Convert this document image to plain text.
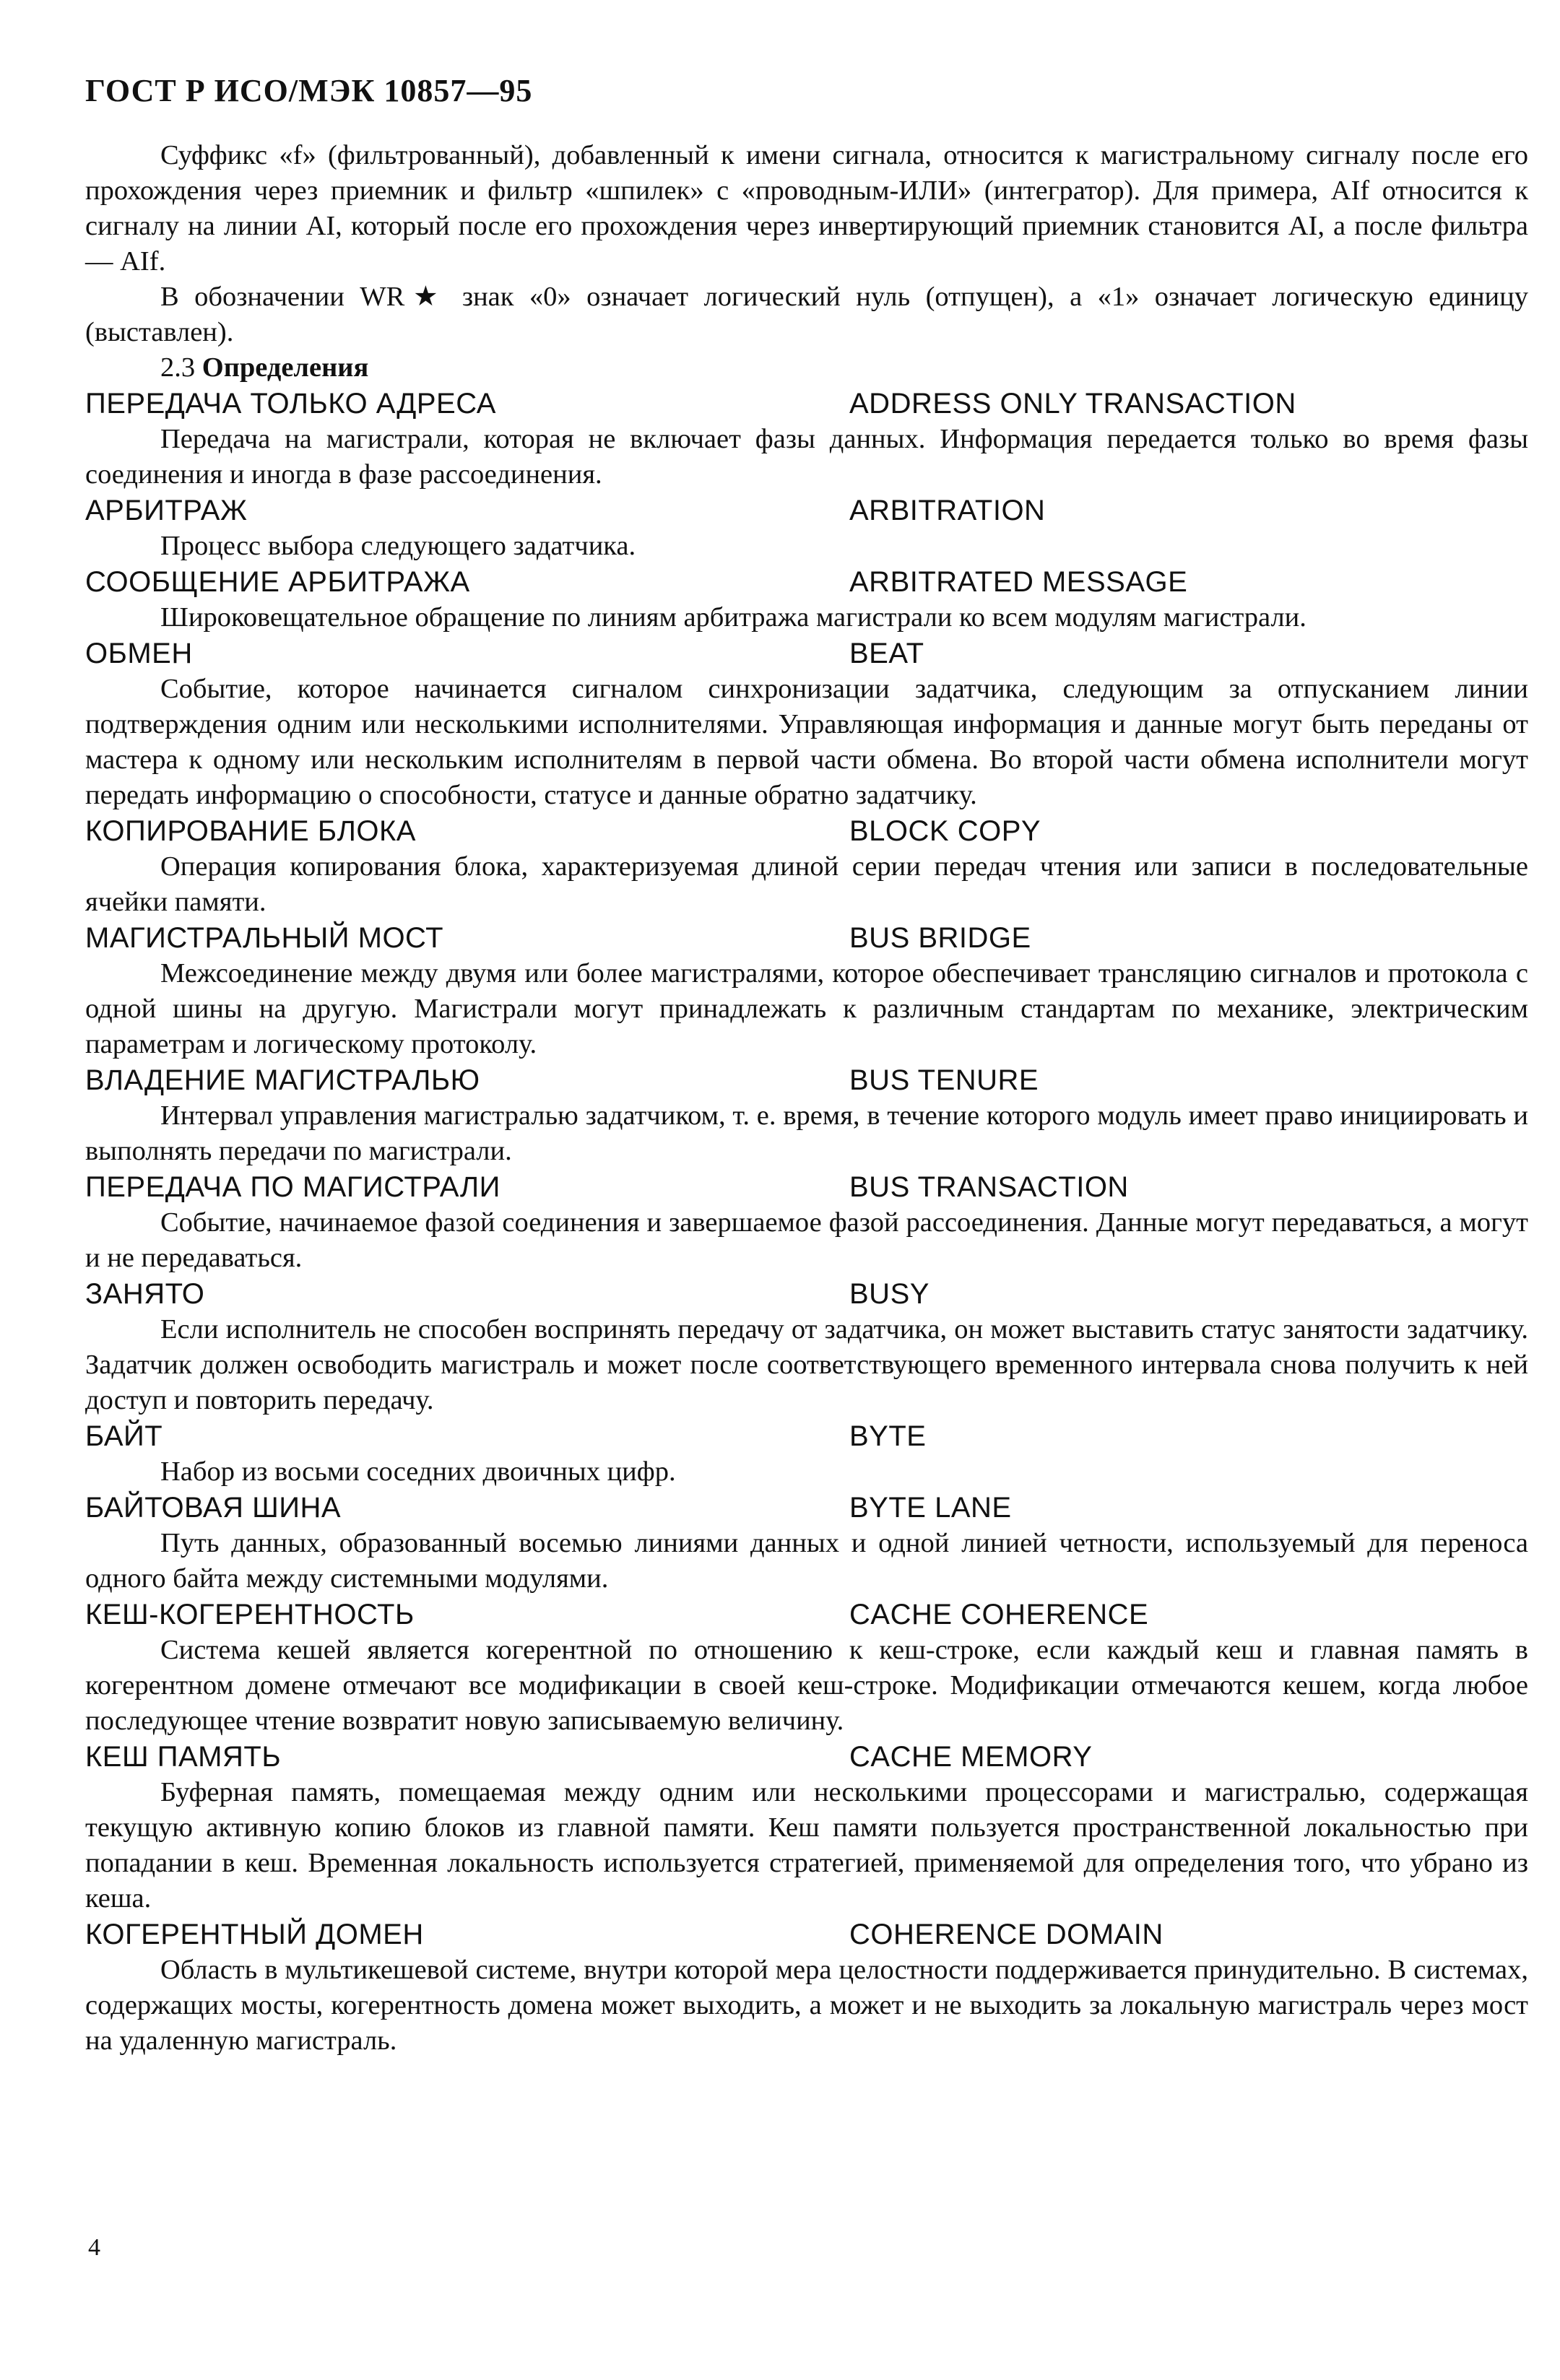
ГОСТ Р ИСО/МЭК 10857—95

Суффикс «f» (фильтрованный), добавленный к имени сигнала, относится к магистральному сигналу после его прохождения через приемник и фильтр «шпилек» с «проводным-ИЛИ» (интегратор). Для примера, AIf относится к сигналу на линии AI, который после его прохождения через инвертирующий приемник становится AI, а после фильтра — AIf.

В обозначении WR★ знак «0» означает логический нуль (отпущен), а «1» означает логическую единицу (выставлен).

2.3 Определения

ПЕРЕДАЧА ТОЛЬКО АДРЕСА	ADDRESS ONLY TRANSACTION

Передача на магистрали, которая не включает фазы данных. Информация передается только во время фазы соединения и иногда в фазе рассоединения.

АРБИТРАЖ	ARBITRATION

Процесс выбора следующего задатчика.

СООБЩЕНИЕ АРБИТРАЖА	ARBITRATED MESSAGE

Широковещательное обращение по линиям арбитража магистрали ко всем модулям магистрали.

ОБМЕН	BEAT

Событие, которое начинается сигналом синхронизации задатчика, следующим за отпусканием линии подтверждения одним или несколькими исполнителями. Управляющая информация и данные могут быть переданы от мастера к одному или нескольким исполнителям в первой части обмена. Во второй части обмена исполнители могут передать информацию о способности, статусе и данные обратно задатчику.

КОПИРОВАНИЕ БЛОКА	BLOCK COPY

Операция копирования блока, характеризуемая длиной серии передач чтения или записи в последовательные ячейки памяти.

МАГИСТРАЛЬНЫЙ МОСТ	BUS BRIDGE

Межсоединение между двумя или более магистралями, которое обеспечивает трансляцию сигналов и протокола с одной шины на другую. Магистрали могут принадлежать к различным стандартам по механике, электрическим параметрам и логическому протоколу.

ВЛАДЕНИЕ МАГИСТРАЛЬЮ	BUS TENURE

Интервал управления магистралью задатчиком, т. е. время, в течение которого модуль имеет право инициировать и выполнять передачи по магистрали.

ПЕРЕДАЧА ПО МАГИСТРАЛИ	BUS TRANSACTION

Событие, начинаемое фазой соединения и завершаемое фазой рассоединения. Данные могут передаваться, а могут и не передаваться.

ЗАНЯТО	BUSY

Если исполнитель не способен воспринять передачу от задатчика, он может выставить статус занятости задатчику. Задатчик должен освободить магистраль и может после соответствующего временного интервала снова получить к ней доступ и повторить передачу.

БАЙТ	BYTE

Набор из восьми соседних двоичных цифр.

БАЙТОВАЯ ШИНА	BYTE LANE

Путь данных, образованный восемью линиями данных и одной линией четности, используемый для переноса одного байта между системными модулями.

КЕШ-КОГЕРЕНТНОСТЬ	CACHE COHERENCE

Система кешей является когерентной по отношению к кеш-строке, если каждый кеш и главная память в когерентном домене отмечают все модификации в своей кеш-строке. Модификации отмечаются кешем, когда любое последующее чтение возвратит новую записываемую величину.

КЕШ ПАМЯТЬ	CACHE MEMORY

Буферная память, помещаемая между одним или несколькими процессорами и магистралью, содержащая текущую активную копию блоков из главной памяти. Кеш памяти пользуется пространственной локальностью при попадании в кеш. Временная локальность используется стратегией, применяемой для определения того, что убрано из кеша.

КОГЕРЕНТНЫЙ ДОМЕН	COHERENCE DOMAIN

Область в мультикешевой системе, внутри которой мера целостности поддерживается принудительно. В системах, содержащих мосты, когерентность домена может выходить, а может и не выходить за локальную магистраль через мост на удаленную магистраль.

4
